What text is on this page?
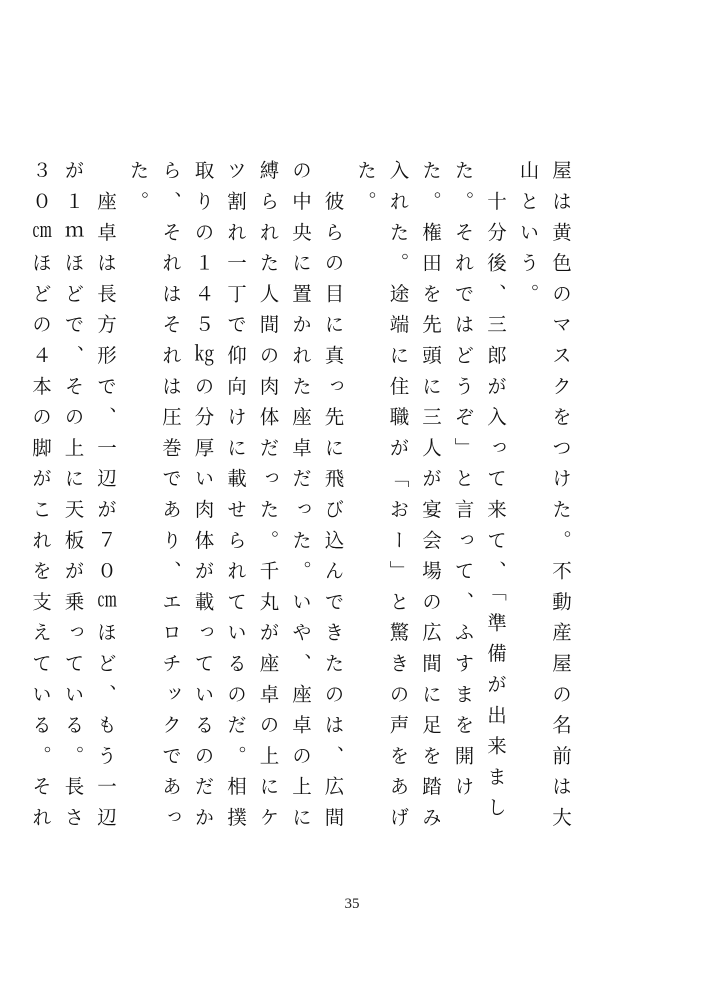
屋は黄色のマスクをつけた。不動産屋の名前は大山という。

　十分後、三郎が入って来て、「準備が出来ました。それではどうぞ」と言って、ふすまを開けた。権田を先頭に三人が宴会場の広間に足を踏み入れた。途端に住職が「おー」と驚きの声をあげた。

　彼らの目に真っ先に飛び込んできたのは、広間の中央に置かれた座卓だった。いや、座卓の上に縛られた人間の肉体だった。千丸が座卓の上にケツ割れ一丁で仰向けに載せられているのだ。相撲取りの１４５㎏の分厚い肉体が載っているのだから、それはそれは圧巻であり、エロチックであった。

　座卓は長方形で、一辺が７０㎝ほど、もう一辺が１ｍほどで、その上に天板が乗っている。長さ３０㎝ほどの４本の脚がこれを支えている。それ

35
